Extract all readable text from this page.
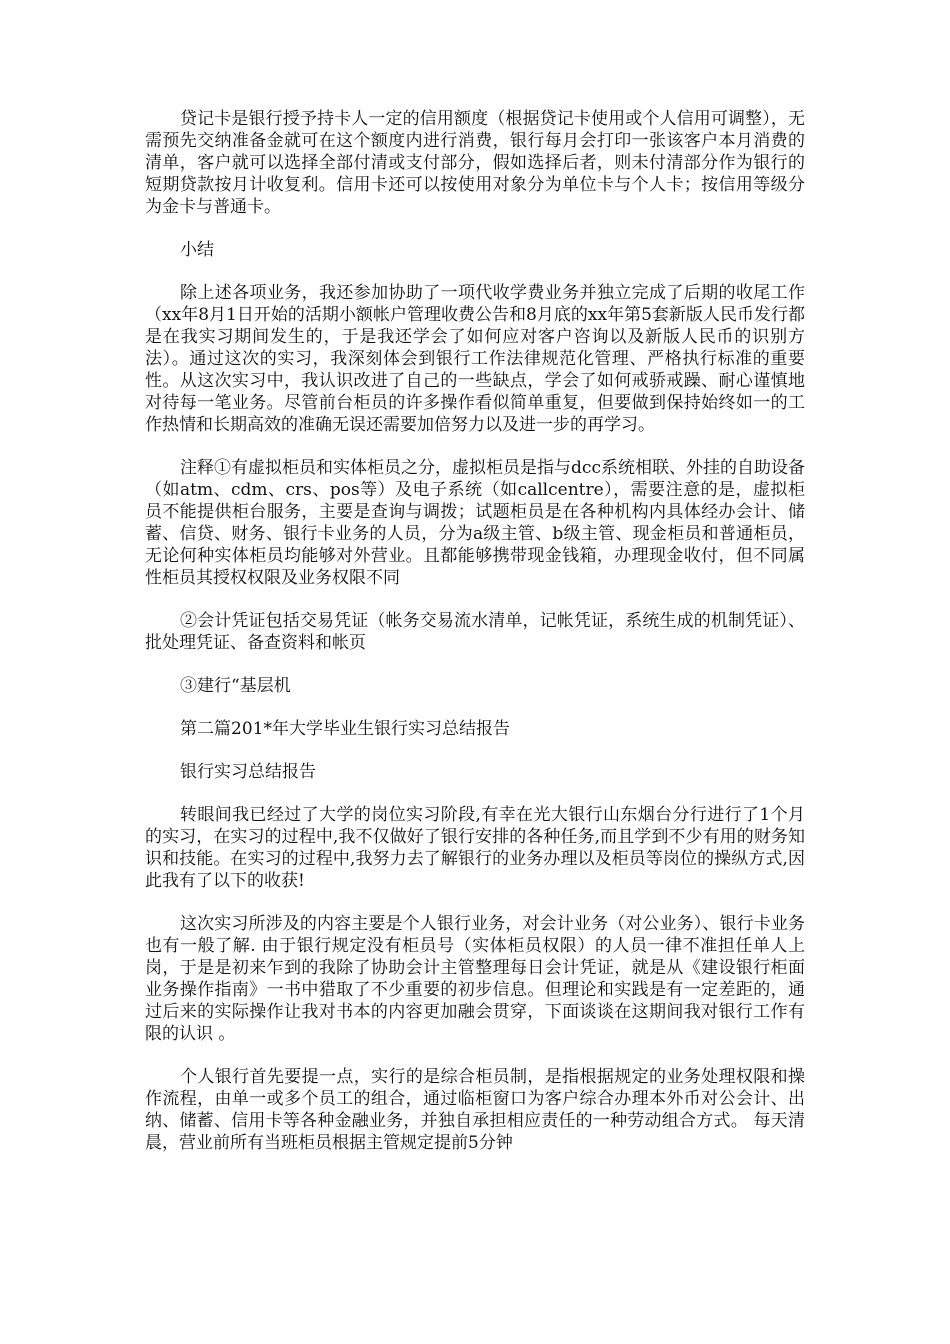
贷记卡是银行授予持卡人一定的信用额度（根据贷记卡使用或个人信用可调整），无需预先交纳准备金就可在这个额度内进行消费，银行每月会打印一张该客户本月消费的清单，客户就可以选择全部付清或支付部分，假如选择后者，则未付清部分作为银行的短期贷款按月计收复利。信用卡还可以按使用对象分为单位卡与个人卡；按信用等级分为金卡与普通卡。

小结

除上述各项业务，我还参加协助了一项代收学费业务并独立完成了后期的收尾工作（xx年8月1日开始的活期小额帐户管理收费公告和8月底的xx年第5套新版人民币发行都是在我实习期间发生的，于是我还学会了如何应对客户咨询以及新版人民币的识别方法）。通过这次的实习，我深刻体会到银行工作法律规范化管理、严格执行标准的重要性。从这次实习中，我认识改进了自己的一些缺点，学会了如何戒骄戒躁、耐心谨慎地对待每一笔业务。尽管前台柜员的许多操作看似简单重复，但要做到保持始终如一的工作热情和长期高效的准确无误还需要加倍努力以及进一步的再学习。

注释①有虚拟柜员和实体柜员之分，虚拟柜员是指与dcc系统相联、外挂的自助设备（如atm、cdm、crs、pos等）及电子系统（如callcentre），需要注意的是，虚拟柜员不能提供柜台服务，主要是查询与调拨；试题柜员是在各种机构内具体经办会计、储蓄、信贷、财务、银行卡业务的人员，分为a级主管、b级主管、现金柜员和普通柜员，无论何种实体柜员均能够对外营业。且都能够携带现金钱箱，办理现金收付，但不同属性柜员其授权权限及业务权限不同

②会计凭证包括交易凭证（帐务交易流水清单，记帐凭证，系统生成的机制凭证）、批处理凭证、备查资料和帐页

③建行“基层机

第二篇201*年大学毕业生银行实习总结报告

银行实习总结报告

转眼间我已经过了大学的岗位实习阶段,有幸在光大银行山东烟台分行进行了1个月的实习，在实习的过程中,我不仅做好了银行安排的各种任务,而且学到不少有用的财务知识和技能。在实习的过程中,我努力去了解银行的业务办理以及柜员等岗位的操纵方式,因此我有了以下的收获!

这次实习所涉及的内容主要是个人银行业务，对会计业务（对公业务）、银行卡业务也有一般了解. 由于银行规定没有柜员号（实体柜员权限）的人员一律不准担任单人上岗，于是是初来乍到的我除了协助会计主管整理每日会计凭证，就是从《建设银行柜面业务操作指南》一书中猎取了不少重要的初步信息。但理论和实践是有一定差距的，通过后来的实际操作让我对书本的内容更加融会贯穿，下面谈谈在这期间我对银行工作有限的认识 。

个人银行首先要提一点，实行的是综合柜员制，是指根据规定的业务处理权限和操作流程，由单一或多个员工的组合，通过临柜窗口为客户综合办理本外币对公会计、出纳、储蓄、信用卡等各种金融业务，并独自承担相应责任的一种劳动组合方式。 每天清晨，营业前所有当班柜员根据主管规定提前5分钟
